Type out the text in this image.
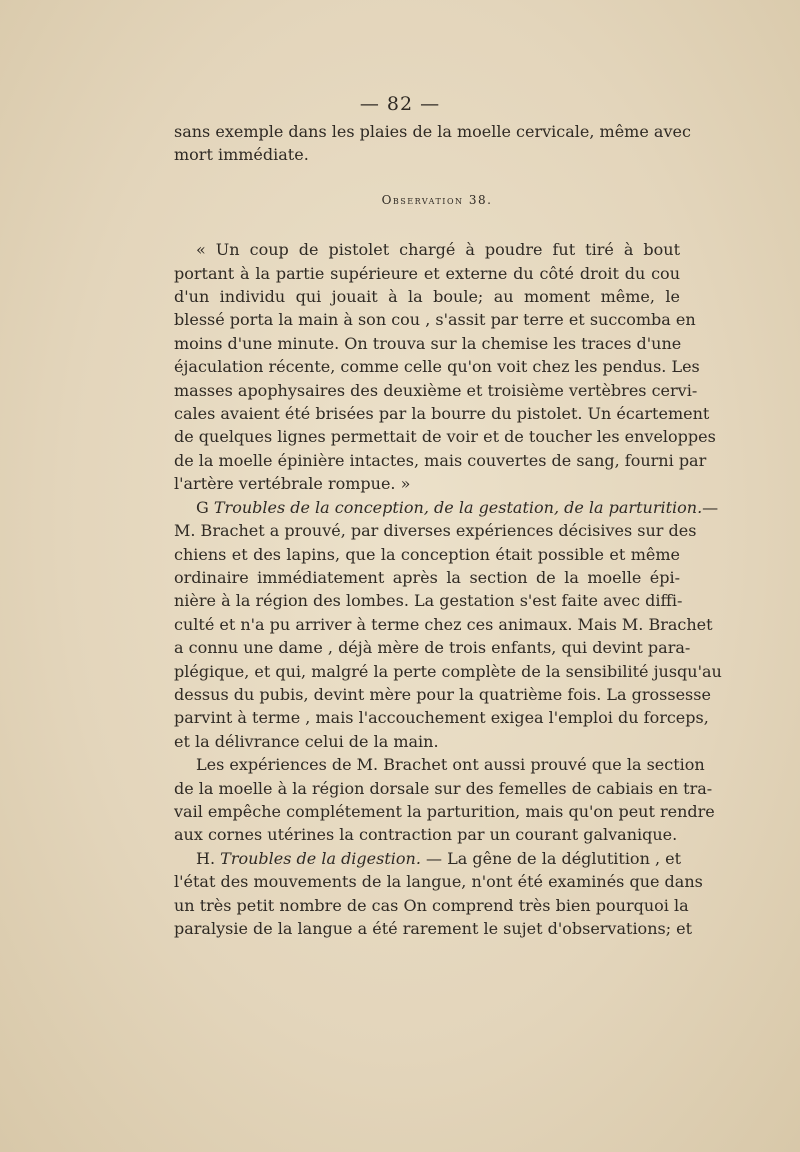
— 82 —
sans exemple dans les plaies de la moelle cervicale, même avec
mort immédiate.
Observation 38.
« Un coup de pistolet chargé à poudre fut tiré à bout
portant à la partie supérieure et externe du côté droit du cou
d'un individu qui jouait à la boule; au moment même, le
blessé porta la main à son cou , s'assit par terre et succomba en
moins d'une minute. On trouva sur la chemise les traces d'une
éjaculation récente, comme celle qu'on voit chez les pendus. Les
masses apophysaires des deuxième et troisième vertèbres cervi-
cales avaient été brisées par la bourre du pistolet. Un écartement
de quelques lignes permettait de voir et de toucher les enveloppes
de la moelle épinière intactes, mais couvertes de sang, fourni par
l'artère vertébrale rompue. »
G Troubles de la conception, de la gestation, de la parturition.—
M. Brachet a prouvé, par diverses expériences décisives sur des
chiens et des lapins, que la conception était possible et même
ordinaire immédiatement après la section de la moelle épi-
nière à la région des lombes. La gestation s'est faite avec diffi-
culté et n'a pu arriver à terme chez ces animaux. Mais M. Brachet
a connu une dame , déjà mère de trois enfants, qui devint para-
plégique, et qui, malgré la perte complète de la sensibilité jusqu'au
dessus du pubis, devint mère pour la quatrième fois. La grossesse
parvint à terme , mais l'accouchement exigea l'emploi du forceps,
et la délivrance celui de la main.
Les expériences de M. Brachet ont aussi prouvé que la section
de la moelle à la région dorsale sur des femelles de cabiais en tra-
vail empêche complétement la parturition, mais qu'on peut rendre
aux cornes utérines la contraction par un courant galvanique.
H. Troubles de la digestion. — La gêne de la déglutition , et
l'état des mouvements de la langue, n'ont été examinés que dans
un très petit nombre de cas On comprend très bien pourquoi la
paralysie de la langue a été rarement le sujet d'observations; et
